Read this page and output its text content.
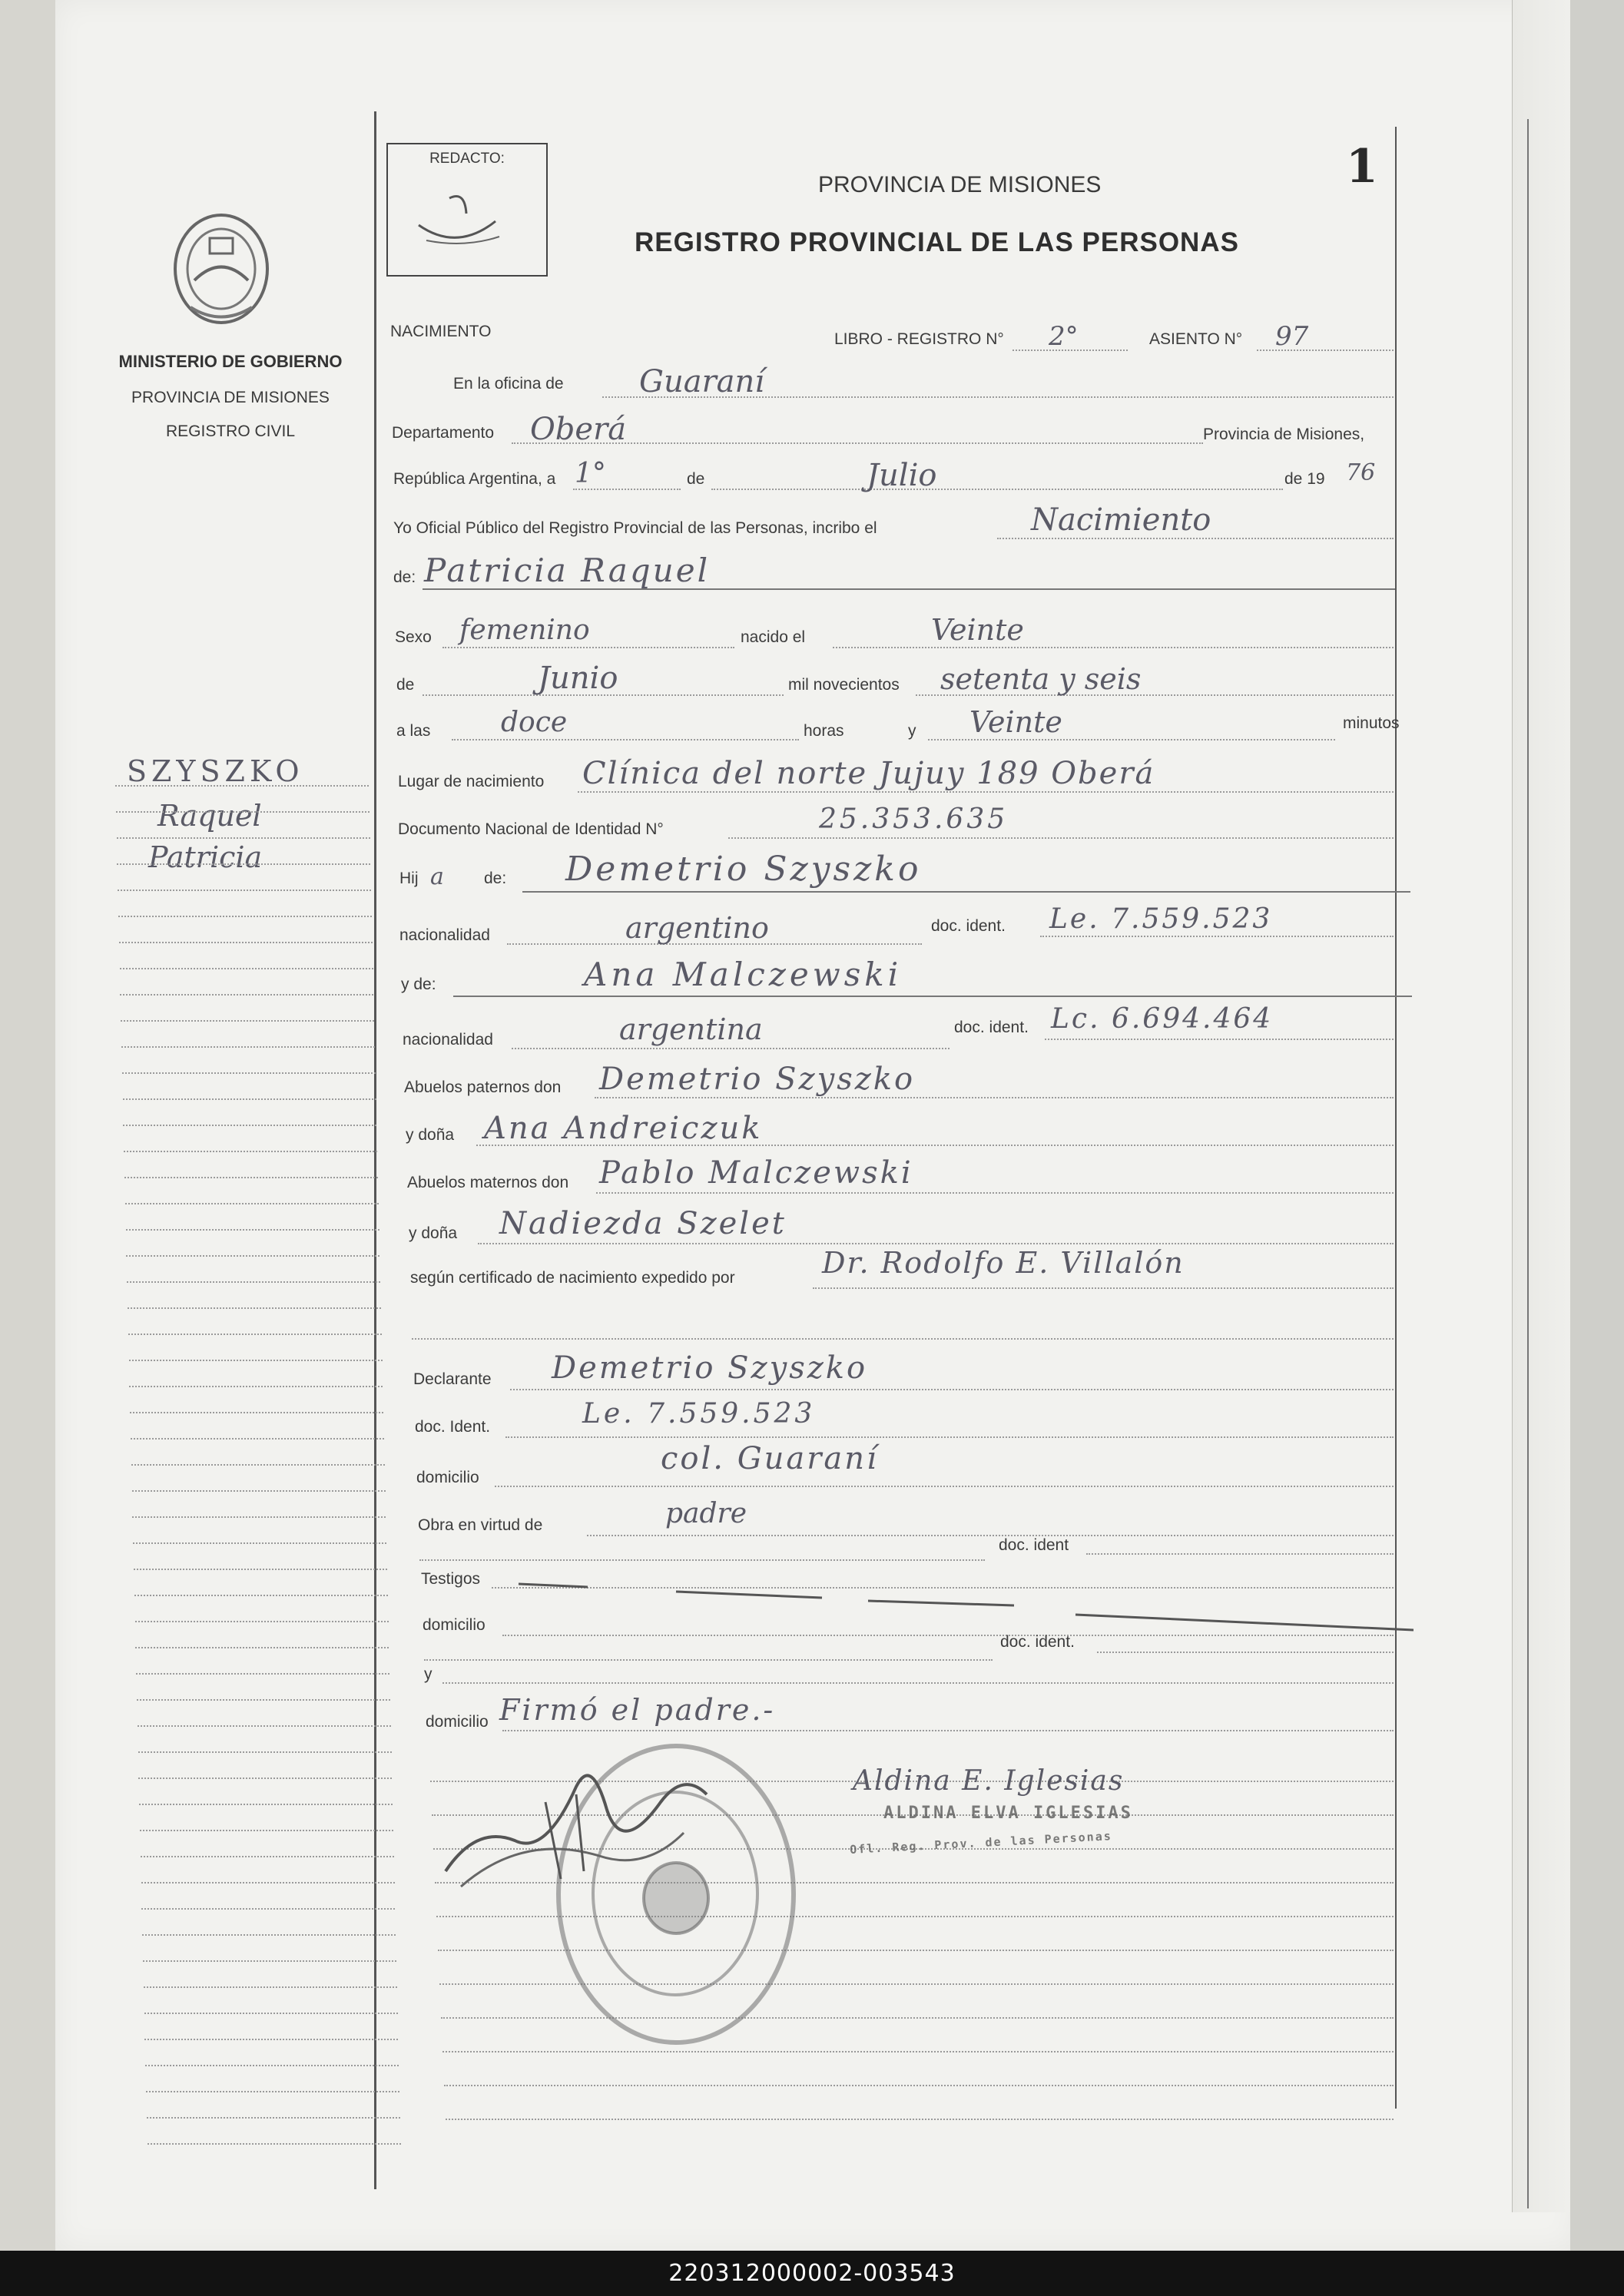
MINISTERIO DE GOBIERNO
PROVINCIA DE MISIONES
REGISTRO CIVIL
SZYSZKO
Raquel
Patricia
REDACTO:
PROVINCIA DE MISIONES
REGISTRO PROVINCIAL DE LAS PERSONAS
1
NACIMIENTO	LIBRO - REGISTRO N° 2°	ASIENTO N° 97
En la oficina de Guaraní
Departamento Oberá	Provincia de Misiones,
República Argentina, a 1°	de	Julio	de 19 76
Yo Oficial Público del Registro Provincial de las Personas, incribo el	Nacimiento
de: Patricia Raquel
Sexo femenino	nacido el	Veinte
de	Junio	mil novecientos setenta y seis
a las	doce	horas	y Veinte	minutos
Lugar de nacimiento Clínica del norte Jujuy 189 Oberá
Documento Nacional de Identidad N°	25.353.635
Hij a de: Demetrio Szyszko
nacionalidad	argentino	doc. ident. Le. 7.559.523
y de:	Ana Malczewski
nacionalidad	argentina	doc. ident. Lc. 6.694.464
Abuelos paternos don Demetrio Szyszko
y doña Ana Andreiczuk
Abuelos maternos don Pablo Malczewski
y doña Nadiezda Szelet
según certificado de nacimiento expedido por	Dr. Rodolfo E. Villalón
Declarante Demetrio Szyszko
doc. Ident.	Le. 7.559.523
domicilio
col. Guaraní
Obra en virtud de	padre
doc. ident
Testigos
domicilio
doc. ident.
y
domicilio Firmó el padre.-
Aldina E. Iglesias
ALDINA ELVA IGLESIAS
Ofl. Reg. Prov. de las Personas
220312000002-003543
